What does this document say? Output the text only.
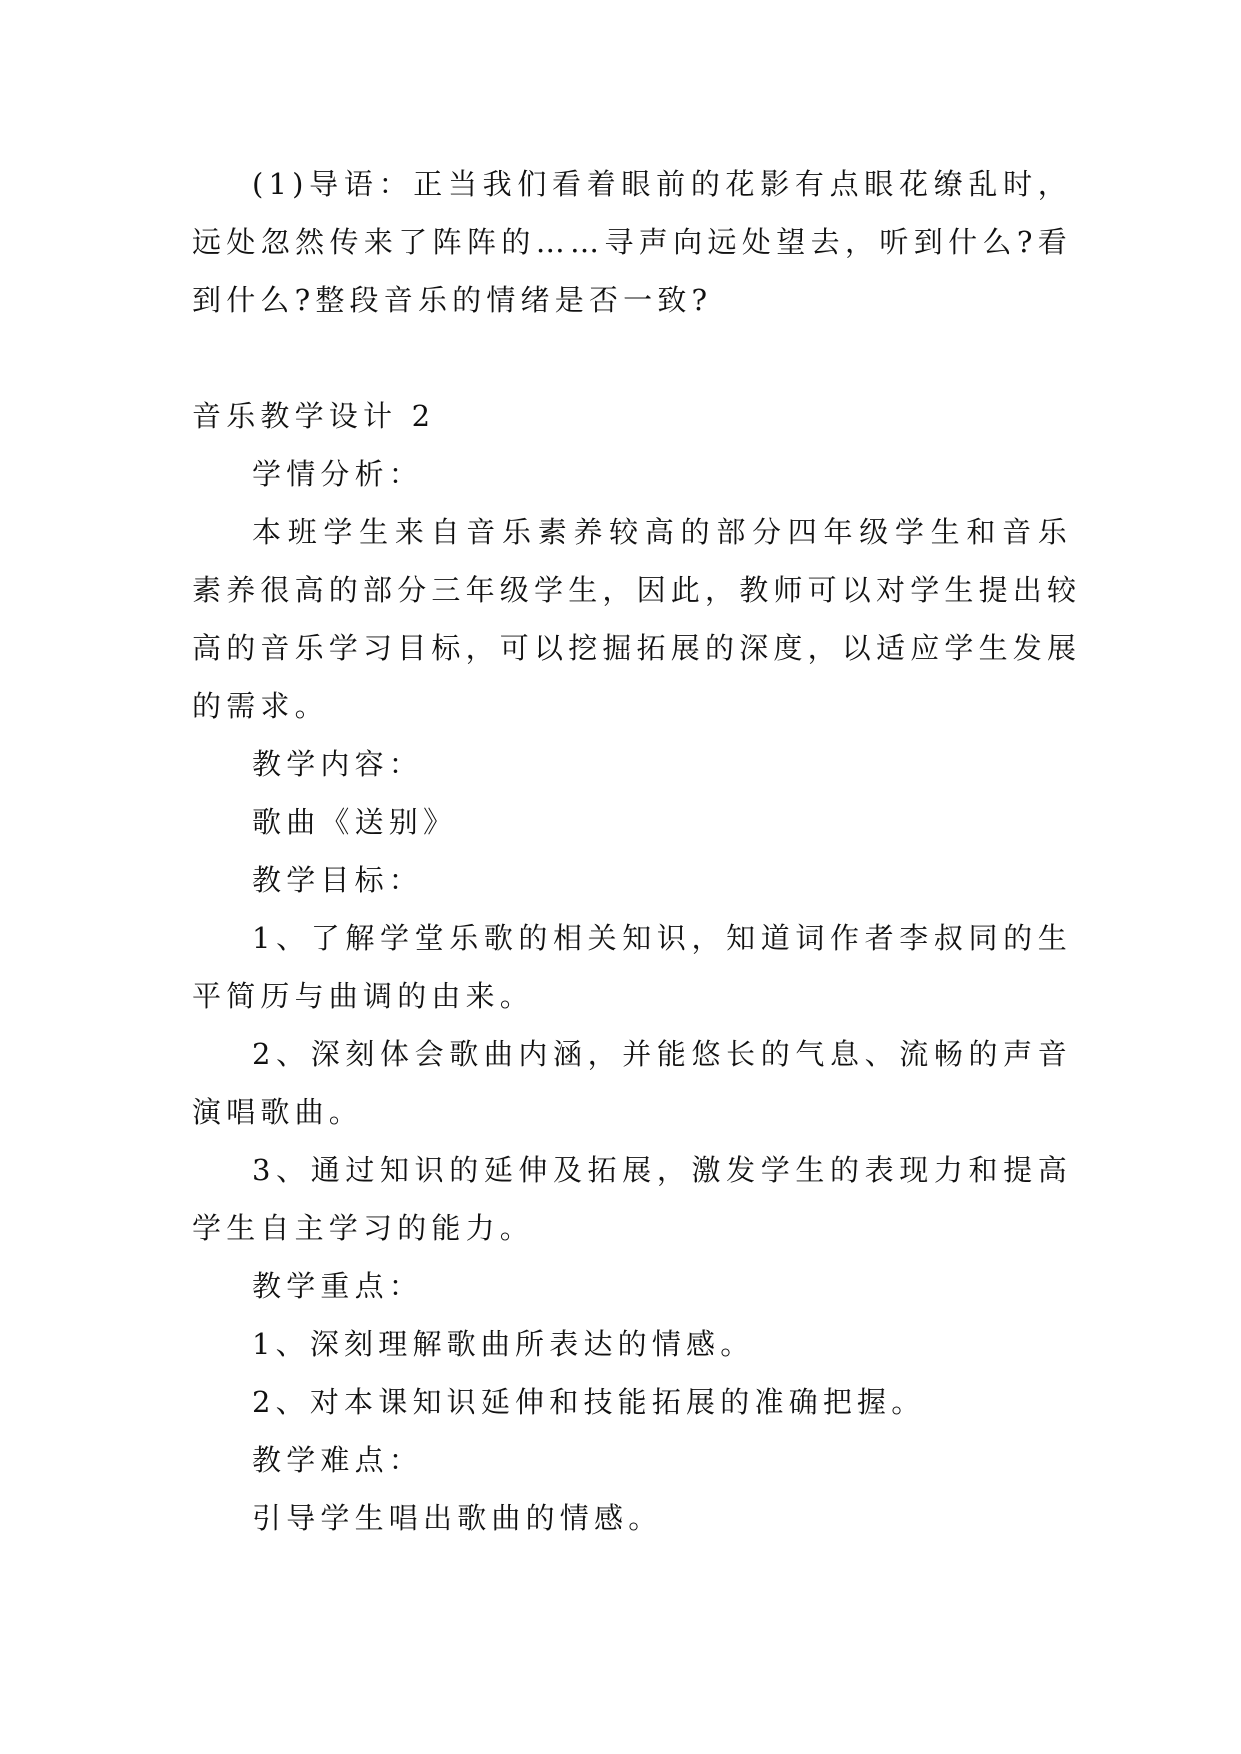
(1)导语：正当我们看着眼前的花影有点眼花缭乱时，
远处忽然传来了阵阵的……寻声向远处望去，听到什么?看
到什么?整段音乐的情绪是否一致?
音乐教学设计 2
学情分析：
本班学生来自音乐素养较高的部分四年级学生和音乐
素养很高的部分三年级学生，因此，教师可以对学生提出较
高的音乐学习目标，可以挖掘拓展的深度，以适应学生发展
的需求。
教学内容：
歌曲《送别》
教学目标：
1、了解学堂乐歌的相关知识，知道词作者李叔同的生
平简历与曲调的由来。
2、深刻体会歌曲内涵，并能悠长的气息、流畅的声音
演唱歌曲。
3、通过知识的延伸及拓展，激发学生的表现力和提高
学生自主学习的能力。
教学重点：
1、深刻理解歌曲所表达的情感。
2、对本课知识延伸和技能拓展的准确把握。
教学难点：
引导学生唱出歌曲的情感。
